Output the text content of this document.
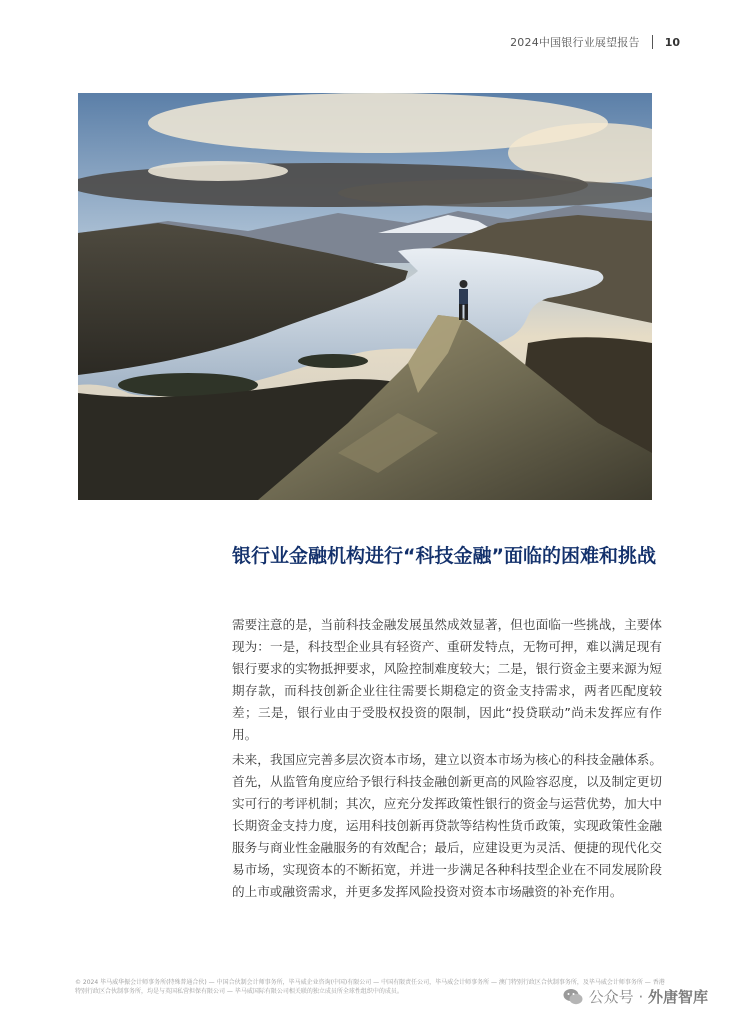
2024中国银行业展望报告 10
银行业金融机构进行“科技金融”面临的困难和挑战

需要注意的是，当前科技金融发展虽然成效显著，但也面临一些挑战，主要体现为：一是，科技型企业具有轻资产、重研发特点，无物可押，难以满足现有银行要求的实物抵押要求，风险控制难度较大；二是，银行资金主要来源为短期存款，而科技创新企业往往需要长期稳定的资金支持需求，两者匹配度较差；三是，银行业由于受股权投资的限制，因此“投贷联动”尚未发挥应有作用。

未来，我国应完善多层次资本市场，建立以资本市场为核心的科技金融体系。首先，从监管角度应给予银行科技金融创新更高的风险容忍度，以及制定更切实可行的考评机制；其次，应充分发挥政策性银行的资金与运营优势，加大中长期资金支持力度，运用科技创新再贷款等结构性货币政策，实现政策性金融服务与商业性金融服务的有效配合；最后，应建设更为灵活、便捷的现代化交易市场，实现资本的不断拓宽，并进一步满足各种科技型企业在不同发展阶段的上市或融资需求，并更多发挥风险投资对资本市场融资的补充作用。

© 2024 毕马威华振会计师事务所(特殊普通合伙) — 中国合伙制会计师事务所，毕马威企业咨询(中国)有限公司 — 中国有限责任公司，毕马威会计师事务所 — 澳门特别行政区合伙制事务所，及毕马威会计师事务所 — 香港特别行政区合伙制事务所，均是与英国私营担保有限公司 — 毕马威国际有限公司相关联的独立成员所全球性组织中的成员。	公众号 · 外唐智库
